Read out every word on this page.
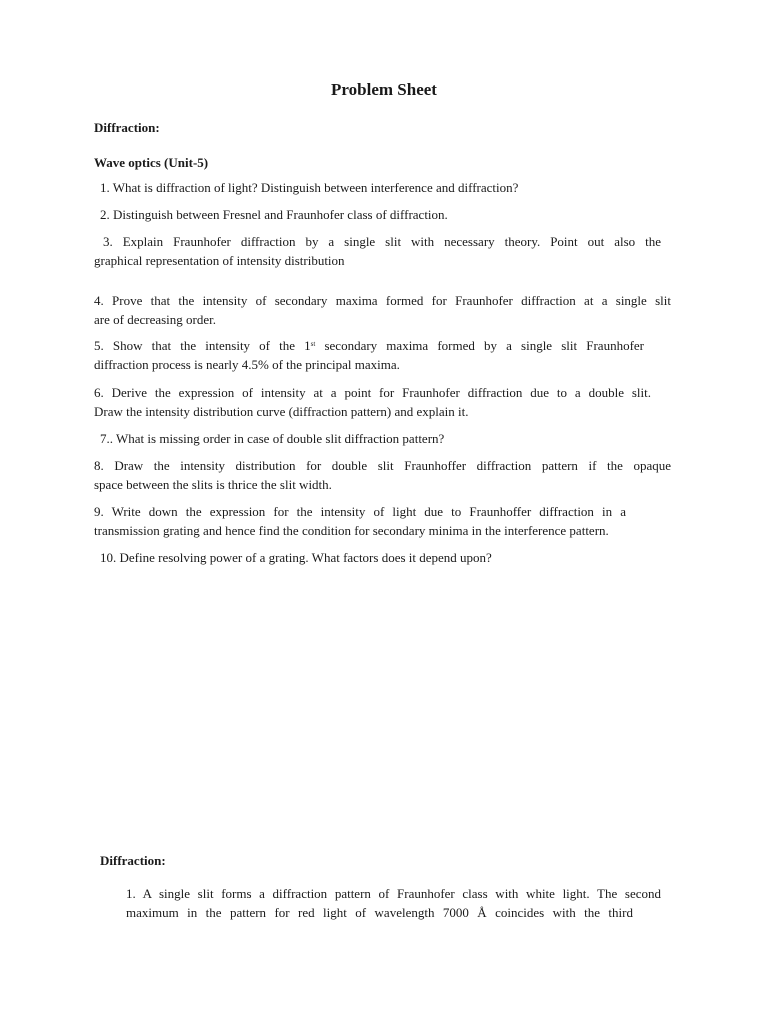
Problem Sheet
Diffraction:
Wave optics (Unit-5)
1. What is diffraction of light? Distinguish between interference and diffraction?
2. Distinguish between Fresnel and Fraunhofer class of diffraction.
3. Explain Fraunhofer diffraction by a single slit with necessary theory. Point out also the
graphical representation of intensity distribution
4. Prove that the intensity of secondary maxima formed for Fraunhofer diffraction at a single slit
are of decreasing order.
5. Show that the intensity of the 1st secondary maxima formed by a single slit Fraunhofer
diffraction process is nearly 4.5% of the principal maxima.
6. Derive the expression of intensity at a point for Fraunhofer diffraction due to a double slit.
Draw the intensity distribution curve (diffraction pattern) and explain it.
7.. What is missing order in case of double slit diffraction pattern?
8. Draw the intensity distribution for double slit Fraunhoffer diffraction pattern if the opaque
space between the slits is thrice the slit width.
9. Write down the expression for the intensity of light due to Fraunhoffer diffraction in a
transmission grating and hence find the condition for secondary minima in the interference pattern.
10. Define resolving power of a grating. What factors does it depend upon?
Diffraction:
1. A single slit forms a diffraction pattern of Fraunhofer class with white light. The second
maximum in the pattern for red light of wavelength 7000 Å coincides with the third
